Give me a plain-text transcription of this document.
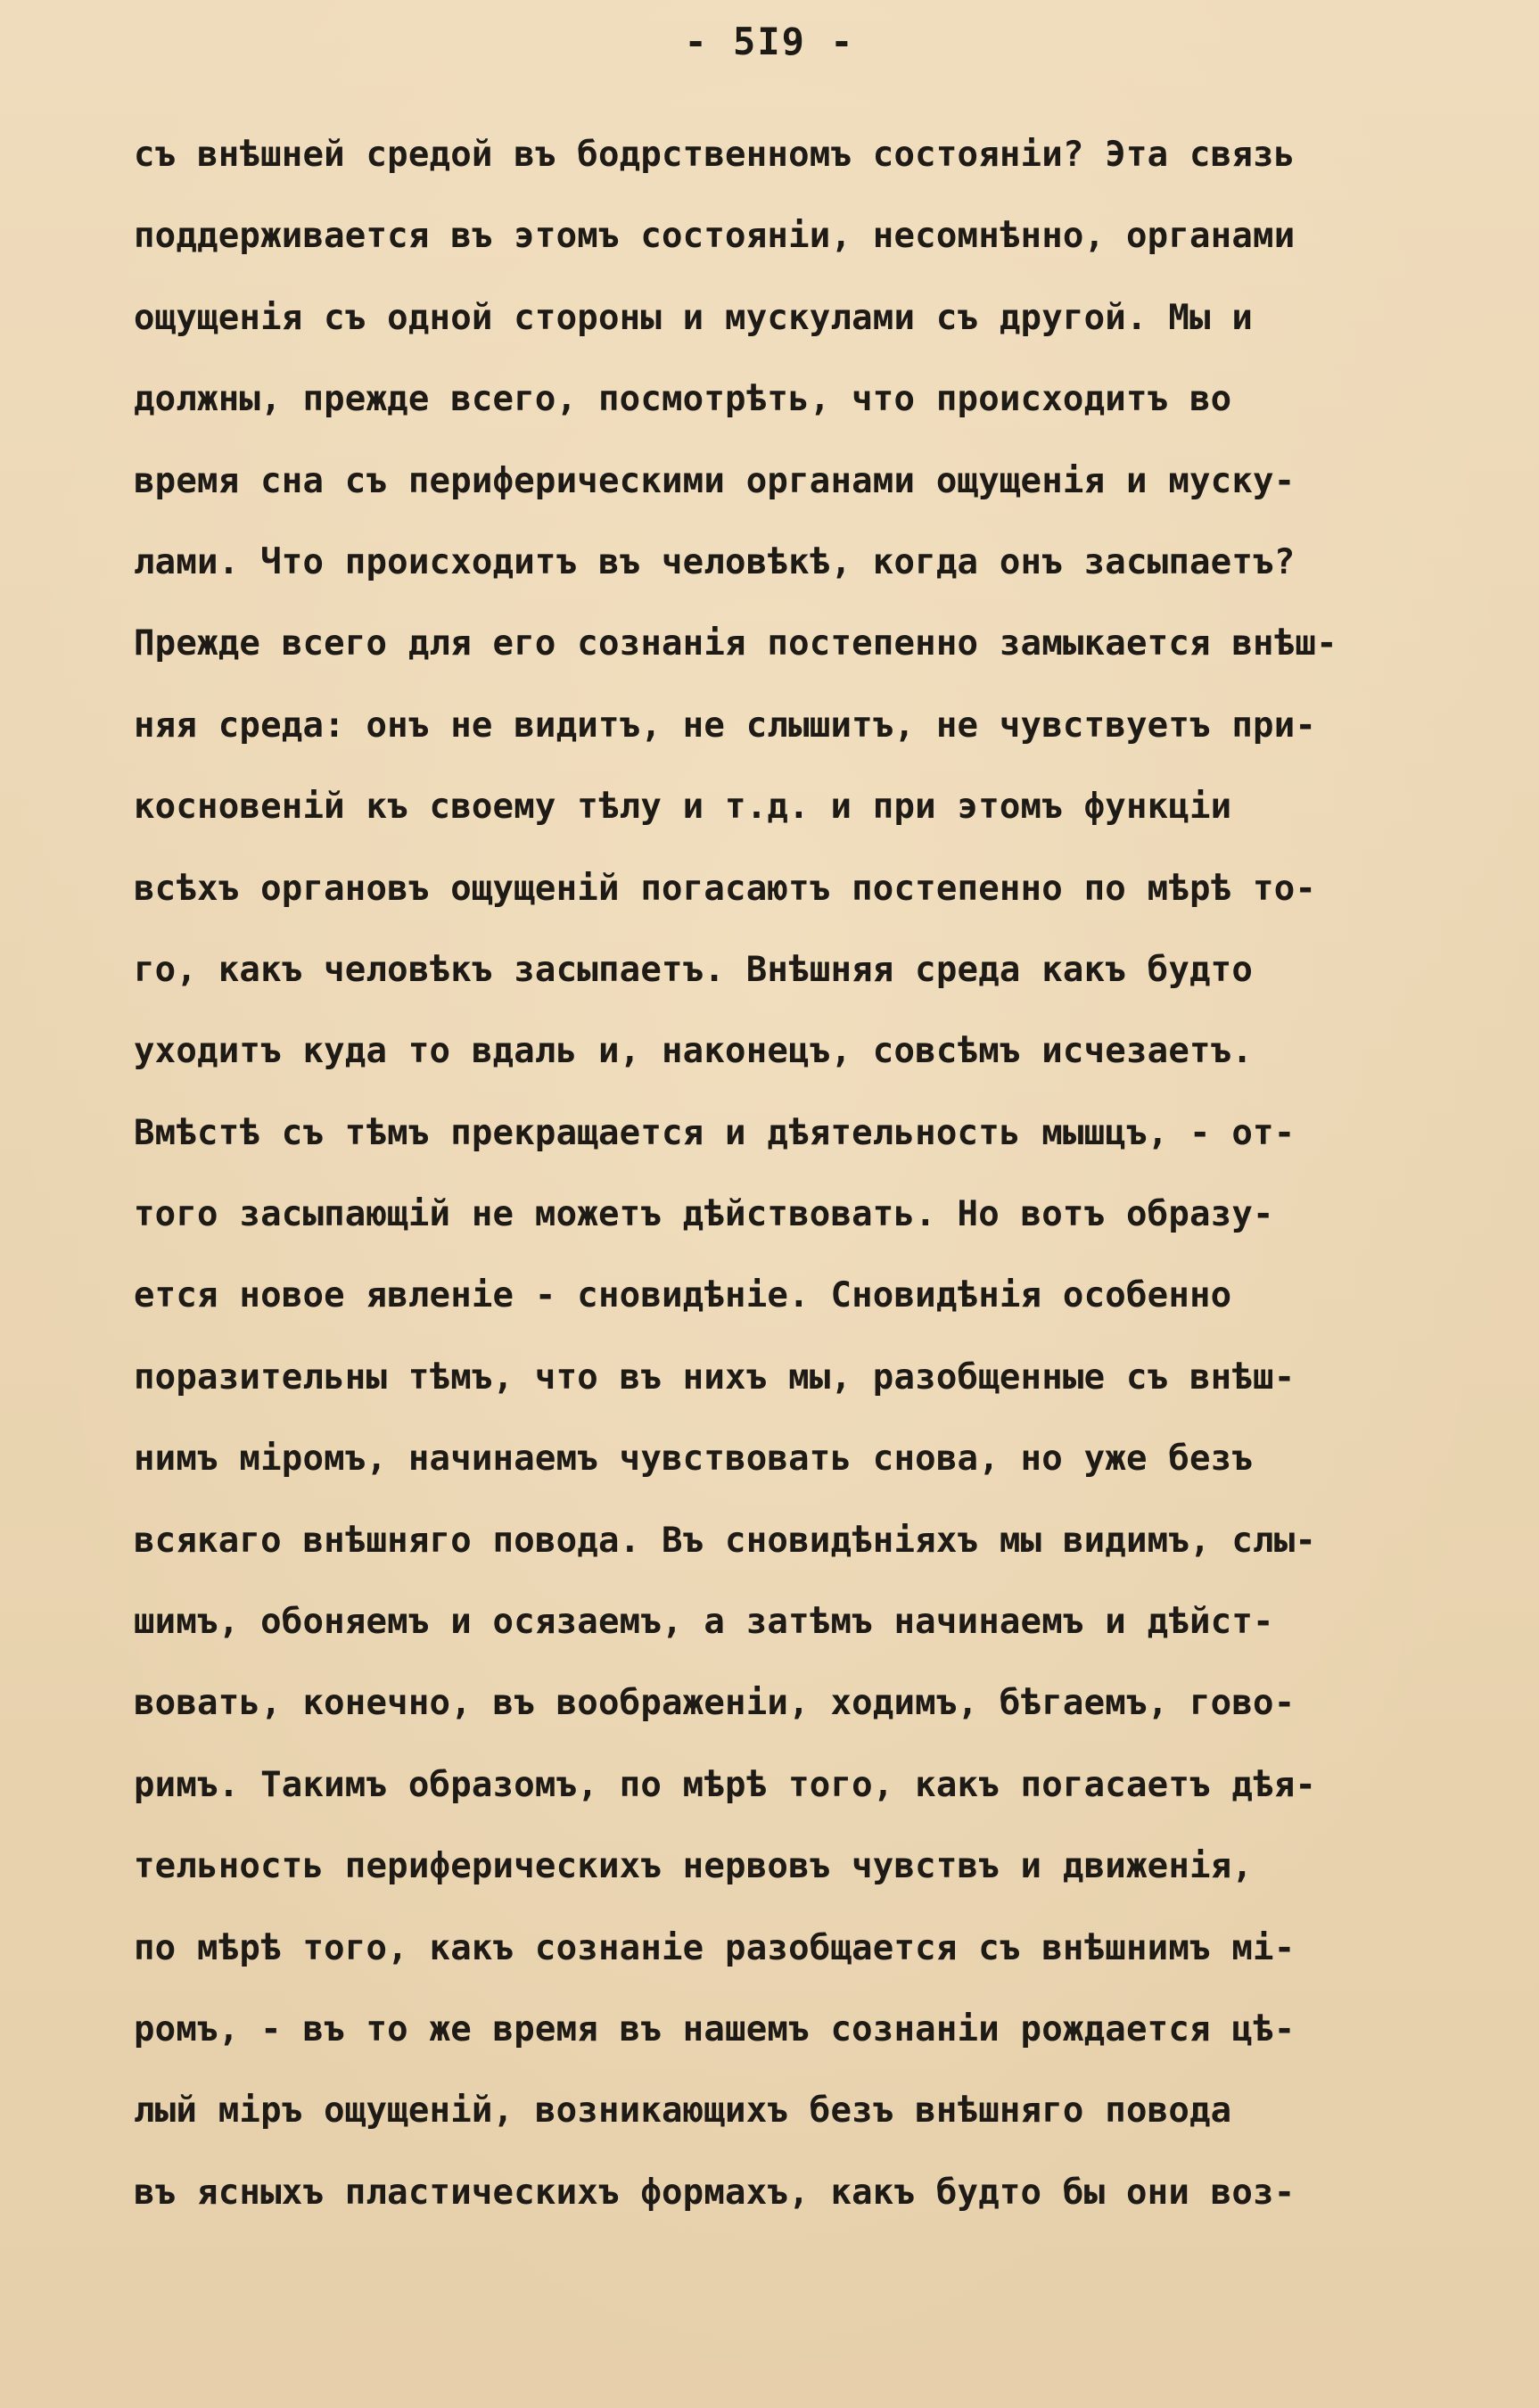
- 5I9 -
съ внѣшней средой въ бодрственномъ состоянiи? Эта связь
поддерживается въ этомъ состоянiи, несомнѣнно, органами
ощущенiя съ одной стороны и мускулами съ другой. Мы и
должны, прежде всего, посмотрѣть, что происходитъ во
время сна съ периферическими органами ощущенiя и муску-
лами. Что происходитъ въ человѣкѣ, когда онъ засыпаетъ?
Прежде всего для его сознанiя постепенно замыкается внѣш-
няя среда: онъ не видитъ, не слышитъ, не чувствуетъ при-
косновенiй къ своему тѣлу и т.д. и при этомъ функцiи
всѣхъ органовъ ощущенiй погасаютъ постепенно по мѣрѣ то-
го, какъ человѣкъ засыпаетъ. Внѣшняя среда какъ будто
уходитъ куда то вдаль и, наконецъ, совсѣмъ исчезаетъ.
Вмѣстѣ съ тѣмъ прекращается и дѣятельность мышцъ, - от-
того засыпающiй не можетъ дѣйствовать. Но вотъ образу-
ется новое явленiе - сновидѣнiе. Сновидѣнiя особенно
поразительны тѣмъ, что въ нихъ мы, разобщенные съ внѣш-
нимъ мiромъ, начинаемъ чувствовать снова, но уже безъ
всякаго внѣшняго повода. Въ сновидѣнiяхъ мы видимъ, слы-
шимъ, обоняемъ и осязаемъ, а затѣмъ начинаемъ и дѣйст-
вовать, конечно, въ воображенiи, ходимъ, бѣгаемъ, гово-
римъ. Такимъ образомъ, по мѣрѣ того, какъ погасаетъ дѣя-
тельность периферическихъ нервовъ чувствъ и движенiя,
по мѣрѣ того, какъ сознанiе разобщается съ внѣшнимъ мi-
ромъ, - въ то же время въ нашемъ сознанiи рождается цѣ-
лый мiръ ощущенiй, возникающихъ безъ внѣшняго повода
въ ясныхъ пластическихъ формахъ, какъ будто бы они воз-
